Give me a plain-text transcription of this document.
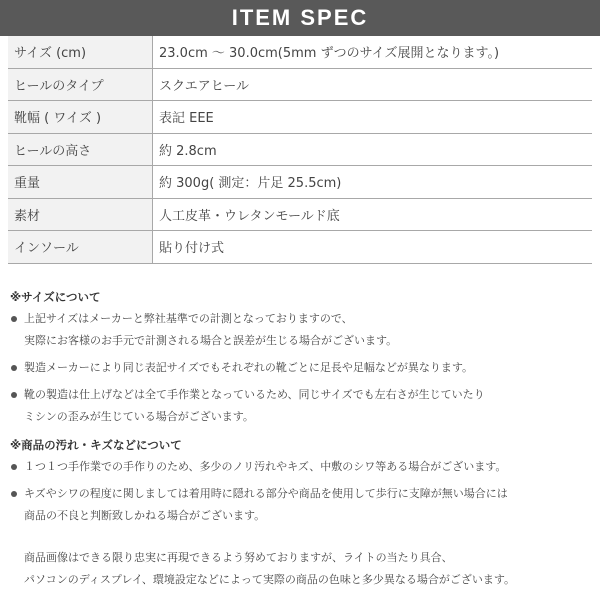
ITEM SPEC
サイズ (cm)	23.0cm 〜 30.0cm(5mm ずつのサイズ展開となります。)
ヒールのタイプ	スクエアヒール
靴幅 ( ワイズ )	表記 EEE
ヒールの高さ	約 2.8cm
重量	約 300g( 測定：片足 25.5cm)
素材	人工皮革・ウレタンモールド底
インソール	貼り付け式
※サイズについて

上記サイズはメーカーと弊社基準での計測となっておりますので、

実際にお客様のお手元で計測される場合と誤差が生じる場合がございます。

製造メーカーにより同じ表記サイズでもそれぞれの靴ごとに足長や足幅などが異なります。

靴の製造は仕上げなどは全て手作業となっているため、同じサイズでも左右さが生じていたり

ミシンの歪みが生じている場合がございます。

※商品の汚れ・キズなどについて

１つ１つ手作業での手作りのため、多少のノリ汚れやキズ、中敷のシワ等ある場合がございます。

キズやシワの程度に関しましては着用時に隠れる部分や商品を使用して歩行に支障が無い場合には

商品の不良と判断致しかねる場合がございます。

商品画像はできる限り忠実に再現できるよう努めておりますが、ライトの当たり具合、

パソコンのディスプレイ、環境設定などによって実際の商品の色味と多少異なる場合がございます。
